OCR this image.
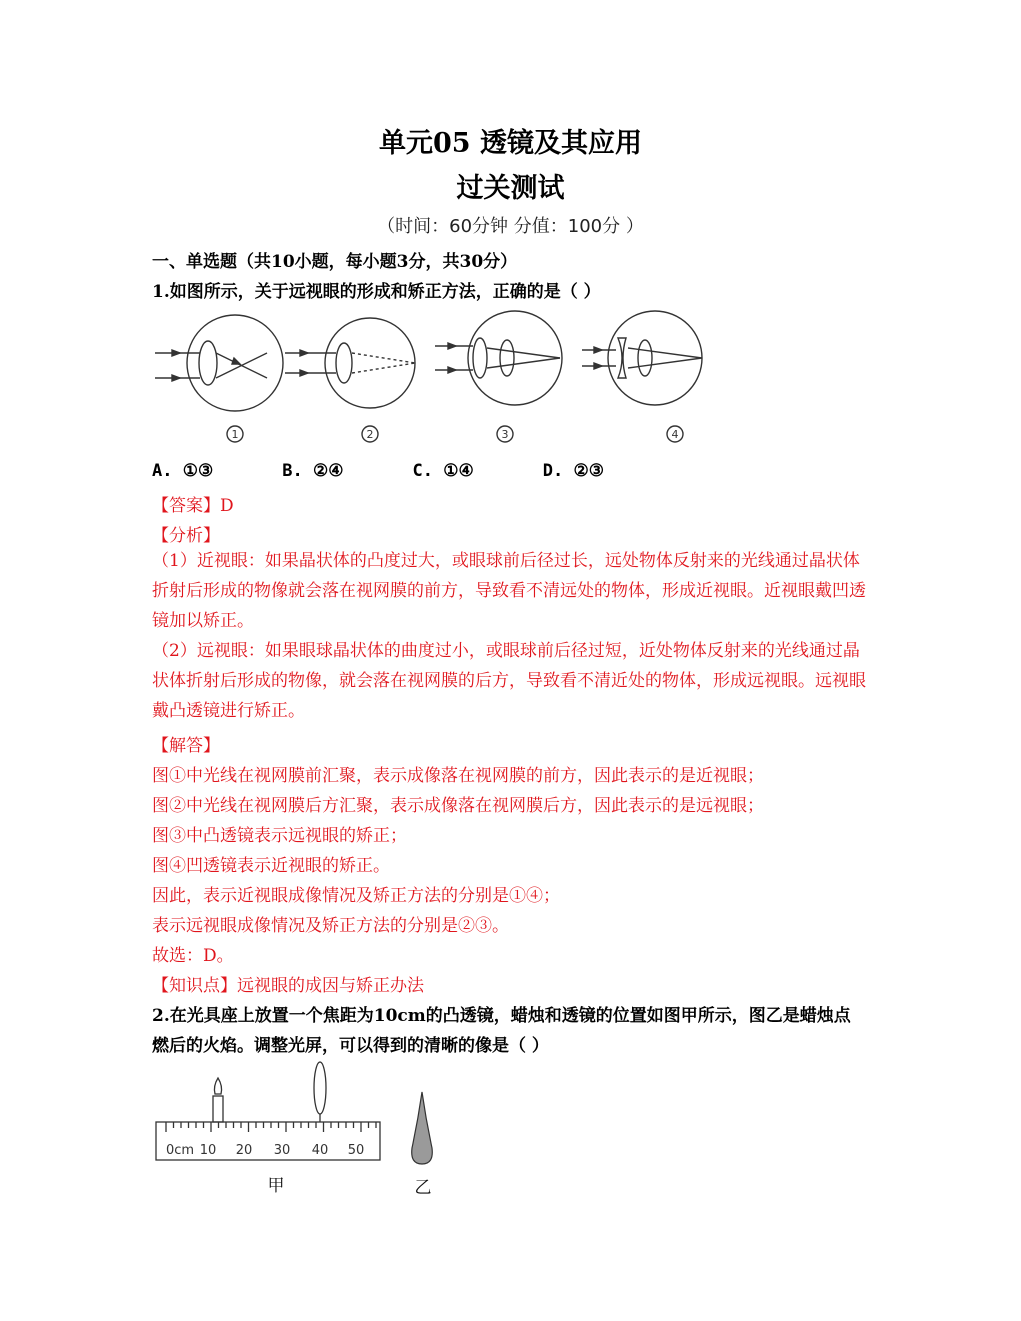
单元05 透镜及其应用
过关测试
（时间：60分钟 分值：100分 ）
一、单选题（共10小题，每小题3分，共30分）
1.如图所示，关于远视眼的形成和矫正方法，正确的是（ ）
1	2	3	4
A. ①③	B. ②④	C. ①④	D. ②③
【答案】D
【分析】
（1）近视眼：如果晶状体的凸度过大，或眼球前后径过长，远处物体反射来的光线通过晶状体折射后形成的物像就会落在视网膜的前方，导致看不清远处的物体，形成近视眼。近视眼戴凹透镜加以矫正。
（2）远视眼：如果眼球晶状体的曲度过小，或眼球前后径过短，近处物体反射来的光线通过晶状体折射后形成的物像，就会落在视网膜的后方，导致看不清近处的物体，形成远视眼。远视眼戴凸透镜进行矫正。
【解答】
图①中光线在视网膜前汇聚，表示成像落在视网膜的前方，因此表示的是近视眼；
图②中光线在视网膜后方汇聚，表示成像落在视网膜后方，因此表示的是远视眼；
图③中凸透镜表示远视眼的矫正；
图④凹透镜表示近视眼的矫正。
因此，表示近视眼成像情况及矫正方法的分别是①④；
表示远视眼成像情况及矫正方法的分别是②③。
故选：D。
【知识点】远视眼的成因与矫正办法
2.在光具座上放置一个焦距为10cm的凸透镜，蜡烛和透镜的位置如图甲所示，图乙是蜡烛点
燃后的火焰。调整光屏，可以得到的清晰的像是（ ）
0cm 10 20 30 40 50
甲	乙
